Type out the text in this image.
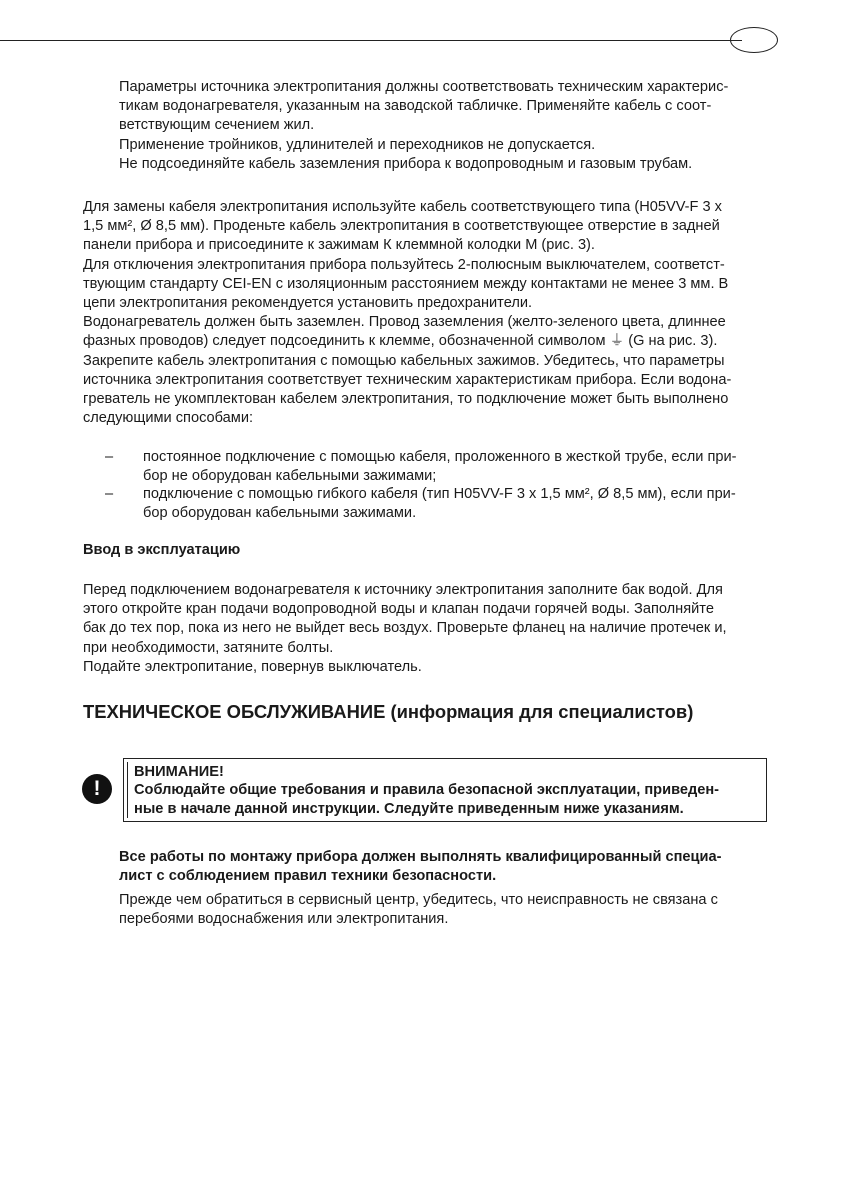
Параметры источника электропитания должны соответствовать техническим характерис-
тикам водонагревателя, указанным на заводской табличке. Применяйте кабель с соот-
ветствующим сечением жил.
Применение тройников, удлинителей и переходников не допускается.
Не подсоединяйте кабель заземления прибора к водопроводным и газовым трубам.
Для замены кабеля электропитания используйте кабель соответствующего типа (H05VV-F 3 x
1,5 мм², Ø 8,5 мм). Проденьте кабель электропитания в соответствующее отверстие в задней
панели прибора и присоедините к зажимам К клеммной колодки М (рис. 3).
Для отключения электропитания прибора пользуйтесь 2-полюсным выключателем, соответст-
твующим стандарту CEI-EN с изоляционным расстоянием между контактами не менее 3 мм. В
цепи электропитания рекомендуется установить предохранители.
Водонагреватель должен быть заземлен. Провод заземления (желто-зеленого цвета, длиннее
фазных проводов) следует подсоединить к клемме, обозначенной символом ⏚ (G на рис. 3).
Закрепите кабель электропитания с помощью кабельных зажимов. Убедитесь, что параметры
источника электропитания соответствует техническим характеристикам прибора. Если водона-
греватель не укомплектован кабелем электропитания, то подключение может быть выполнено
следующими способами:
– постоянное подключение с помощью кабеля, проложенного в жесткой трубе, если при-
бор не оборудован кабельными зажимами;
– подключение с помощью гибкого кабеля (тип H05VV-F 3 x 1,5 мм², Ø 8,5 мм), если при-
бор оборудован кабельными зажимами.
Ввод в эксплуатацию
Перед подключением водонагревателя к источнику электропитания заполните бак водой. Для
этого откройте кран подачи водопроводной воды и клапан подачи горячей воды. Заполняйте
бак до тех пор, пока из него не выйдет весь воздух. Проверьте фланец на наличие протечек и,
при необходимости, затяните болты.
Подайте электропитание, повернув выключатель.
ТЕХНИЧЕСКОЕ ОБСЛУЖИВАНИЕ (информация для специалистов)
!
ВНИМАНИЕ!
Соблюдайте общие требования и правила безопасной эксплуатации, приведен-
ные в начале данной инструкции. Следуйте приведенным ниже указаниям.
Все работы по монтажу прибора должен выполнять квалифицированный специа-
лист с соблюдением правил техники безопасности.
Прежде чем обратиться в сервисный центр, убедитесь, что неисправность не связана с
перебоями водоснабжения или электропитания.
